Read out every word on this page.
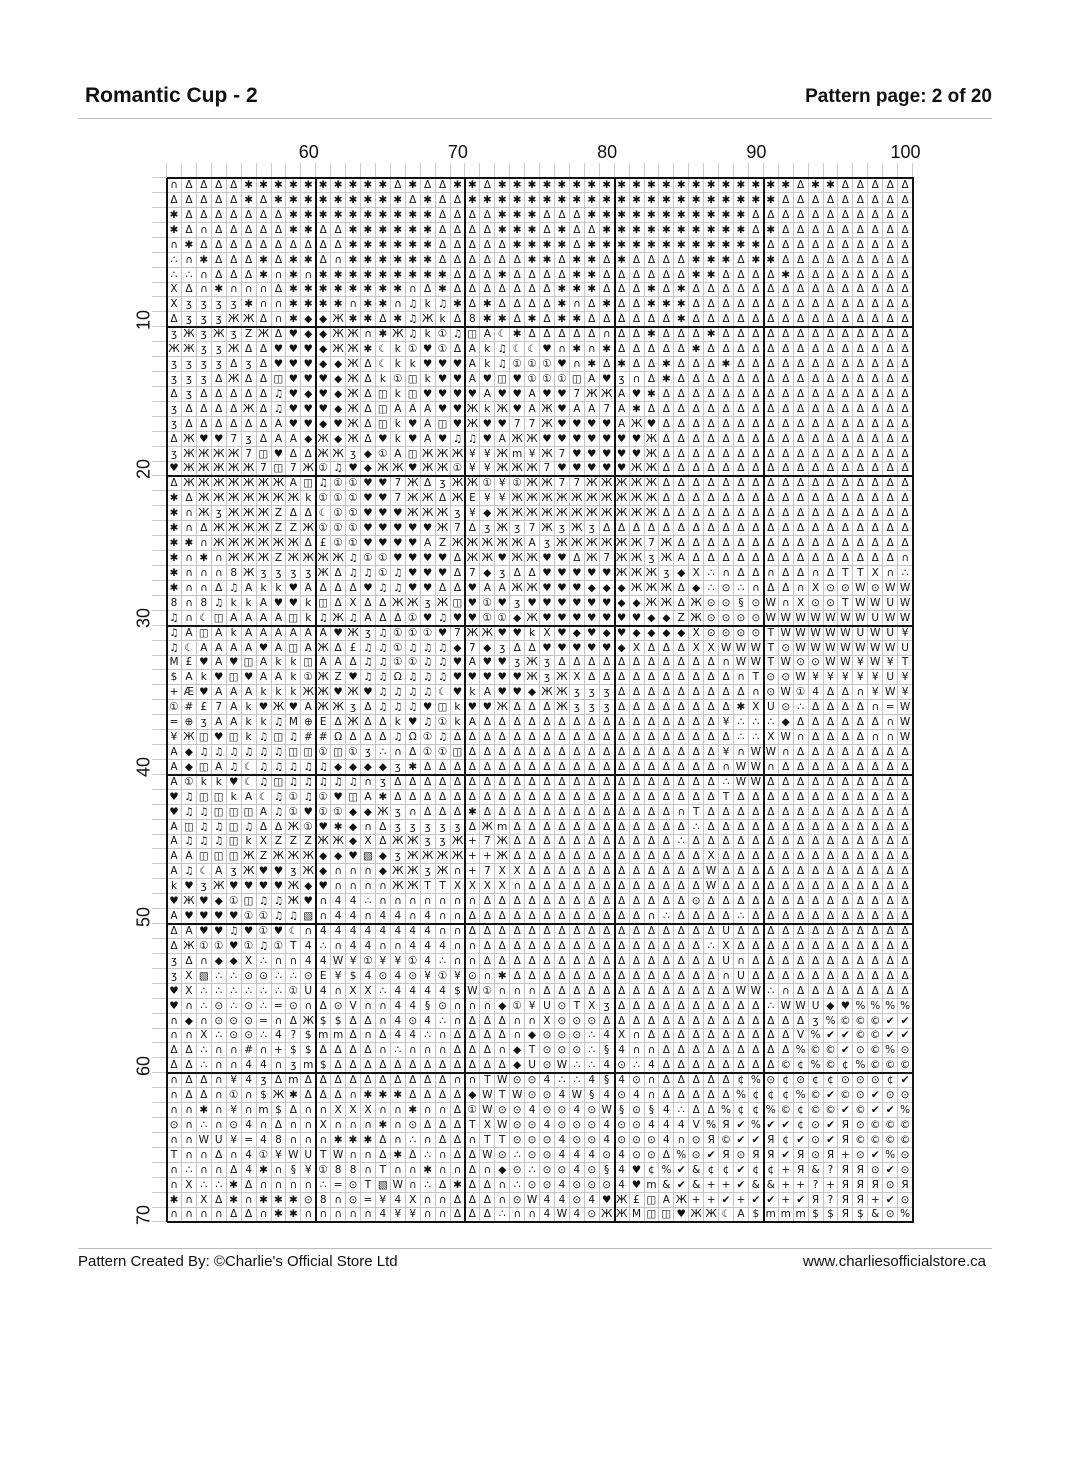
Romantic Cup - 2	Pattern page: 2 of 20
60	70	80	90	100
10
20
30
40
50
60
70
∩ Δ Δ Δ Δ ✱ ✱ ✱ ✱ ✱ ✱ ✱ ✱ ✱ ✱ Δ ✱ Δ Δ ✱ ✱ Δ ✱ ✱ ✱ ✱ ✱ ✱ ✱ ✱ ✱ ✱ ✱ ✱ ✱ ✱ ✱ ✱ ✱ ✱ ✱ ✱ Δ ✱ ✱ Δ Δ Δ Δ Δ
Δ Δ Δ Δ Δ ✱ Δ ✱ ✱ ✱ ✱ ✱ ✱ ✱ ✱ ✱ Δ ✱ Δ Δ ✱ ✱ ✱ ✱ ✱ ✱ ✱ ✱ ✱ ✱ ✱ ✱ ✱ ✱ ✱ ✱ ✱ ✱ ✱ ✱ ✱ Δ Δ Δ Δ Δ Δ Δ Δ Δ
✱ Δ Δ Δ Δ Δ Δ Δ ✱ ✱ ✱ ✱ ✱ ✱ ✱ ✱ ✱ ✱ Δ Δ Δ Δ ✱ ✱ ✱ Δ Δ Δ ✱ ✱ ✱ ✱ ✱ ✱ ✱ ✱ ✱ ✱ ✱ Δ Δ Δ Δ Δ Δ Δ Δ Δ Δ Δ
✱ Δ ∩ Δ Δ Δ Δ Δ ✱ ✱ Δ Δ ✱ ✱ ✱ ✱ ✱ ✱ Δ Δ Δ Δ ✱ ✱ ✱ Δ ✱ Δ Δ ✱ ✱ ✱ ✱ ✱ ✱ ✱ ✱ ✱ ✱ Δ ✱ Δ Δ Δ Δ Δ Δ Δ Δ Δ
∩ ✱ Δ Δ Δ Δ Δ Δ Δ Δ Δ Δ ✱ ✱ ✱ ✱ ✱ ✱ Δ Δ Δ Δ Δ ✱ ✱ ✱ ✱ Δ ✱ ✱ ✱ ✱ ✱ ✱ ✱ ✱ ✱ ✱ ✱ ✱ Δ Δ Δ Δ Δ Δ Δ Δ Δ Δ
∴ ∩ ✱ Δ Δ Δ ✱ Δ ✱ ✱ Δ ∩ ✱ ✱ ✱ ✱ ✱ ✱ Δ Δ Δ Δ Δ Δ ✱ ✱ Δ ✱ ✱ Δ ✱ Δ Δ Δ Δ ✱ ✱ ✱ Δ ✱ ✱ Δ Δ Δ Δ Δ Δ Δ Δ Δ
∴ ∴ ∩ Δ Δ Δ ✱ ∩ ✱ ∩ ✱ ✱ ✱ ✱ ✱ ✱ ✱ ✱ ✱ Δ Δ Δ ✱ Δ Δ Δ Δ ✱ ✱ Δ Δ Δ Δ Δ Δ ✱ ✱ Δ Δ Δ Δ ✱ Δ Δ Δ Δ Δ Δ Δ Δ
X Δ ∩ ✱ ∩ ∩ ∩ Δ ✱ ✱ ✱ ✱ ✱ ✱ ✱ ✱ ∩ Δ ✱ Δ Δ Δ Δ Δ Δ Δ ✱ ✱ ✱ Δ Δ Δ ✱ Δ ✱ Δ Δ Δ Δ Δ Δ Δ Δ Δ Δ Δ Δ Δ Δ Δ
X ʒ ʒ ʒ ʒ ✱ ∩ ∩ ✱ ✱ ✱ ✱ ∩ ✱ ✱ ∩ ♫ k ♫ ✱ Δ ✱ Δ Δ Δ Δ ✱ ∩ Δ ✱ Δ Δ ✱ ✱ ✱ Δ Δ Δ Δ Δ Δ Δ Δ Δ Δ Δ Δ Δ Δ Δ
Δ ʒ ʒ ʒ Ж Ж Δ ∩ ✱ ◆ ◆ Ж ✱ ✱ Δ ✱ ♫ Ж k Δ 8 ✱ ✱ Δ ✱ Δ ✱ ✱ Δ Δ Δ Δ Δ Δ ✱ Δ Δ Δ Δ Δ Δ Δ Δ Δ Δ Δ Δ Δ Δ Δ
ʒ Ж ʒ Ж ʒ Z Ж Δ ♥ ◆ ◆ Ж Ж ∩ ✱ Ж ♫ k ① ♫ ◫ A ☾ ✱ Δ Δ Δ Δ Δ ∩ Δ Δ ✱ Δ Δ Δ ✱ Δ Δ Δ Δ Δ Δ Δ Δ Δ Δ Δ Δ Δ
Ж Ж ʒ ʒ Ж Δ Δ ♥ ♥ ♥ ◆ Ж Ж ✱ ☾ k ① ♥ ① Δ A k ♫ ☾ ☾ ♥ ∩ ✱ ∩ ✱ Δ Δ Δ Δ Δ ✱ Δ Δ Δ Δ Δ Δ Δ Δ Δ Δ Δ Δ Δ Δ
ʒ ʒ ʒ ʒ Δ ʒ Δ ♥ ♥ ♥ ◆ ◆ Ж Δ ☾ k k ♥ ♥ ♥ A k ♫ ① ① ① ♥ ∩ ✱ Δ ✱ Δ Δ ✱ Δ Δ Δ ✱ Δ Δ Δ Δ Δ Δ Δ Δ Δ Δ Δ Δ
ʒ ʒ ʒ Δ Ж Δ Δ ◫ ♥ ♥ ♥ ◆ Ж Δ k ① ◫ k ♥ ♥ A ♥ ◫ ♥ ① ① ① ◫ A ♥ ʒ ∩ Δ ✱ Δ Δ Δ Δ Δ Δ Δ Δ Δ Δ Δ Δ Δ Δ Δ Δ
Δ ʒ Δ Δ Δ Δ Δ ♫ ♥ ◆ ♥ ◆ Ж Δ ◫ k ◫ ♥ ♥ ♥ ♥ A ♥ ♥ A ♥ ♥ 7 Ж Ж A ♥ ✱ Δ Δ Δ Δ Δ Δ Δ Δ Δ Δ Δ Δ Δ Δ Δ Δ Δ
ʒ Δ Δ Δ Δ Ж Δ ♫ ♥ ♥ ♥ ◆ Ж Δ ◫ A A A ♥ ♥ Ж k Ж ♥ A Ж ♥ A A 7 A ✱ Δ Δ Δ Δ Δ Δ Δ Δ Δ Δ Δ Δ Δ Δ Δ Δ Δ Δ
ʒ Δ Δ Δ Δ Δ Δ A ♥ ♥ ◆ ♥ Ж Δ ◫ k ♥ A ◫ ♥ Ж ♥ ♥ 7 7 Ж ♥ ♥ ♥ ♥ A Ж ♥ Δ Δ Δ Δ Δ Δ Δ Δ Δ Δ Δ Δ Δ Δ Δ Δ Δ
Δ Ж ♥ ♥ 7 ʒ Δ A A ◆ Ж ◆ Ж Δ ♥ k ♥ A ♥ ♫ ♫ ♥ A Ж Ж ♥ ♥ ♥ ♥ ♥ ♥ ♥ Ж Δ Δ Δ Δ Δ Δ Δ Δ Δ Δ Δ Δ Δ Δ Δ Δ Δ
ʒ Ж Ж Ж Ж 7 ◫ ♥ Δ Δ Ж Ж ʒ ◆ ① A ◫ Ж Ж Ж ¥ ¥ Ж m ¥ Ж 7 ♥ ♥ ♥ ♥ ♥ Ж Δ Δ Δ Δ Δ Δ Δ Δ Δ Δ Δ Δ Δ Δ Δ Δ Δ
♥ Ж Ж Ж Ж Ж 7 ◫ 7 Ж ① ♫ ♥ ◆ Ж Ж ♥ Ж Ж ① ¥ ¥ Ж Ж Ж 7 ♥ ♥ ♥ ♥ ♥ Ж Ж Δ Δ Δ Δ Δ Δ Δ Δ Δ Δ Δ Δ Δ Δ Δ Δ Δ
Δ Ж Ж Ж Ж Ж Ж Ж A ◫ ♫ ① ① ♥ ♥ 7 Ж Δ ʒ Ж Ж ① ¥ ① Ж Ж 7 7 Ж Ж Ж Ж Ж Δ Δ Δ Δ Δ Δ Δ Δ Δ Δ Δ Δ Δ Δ Δ Δ Δ
✱ Δ Ж Ж Ж Ж Ж Ж Ж k ① ① ① ♥ ♥ 7 Ж Ж Δ Ж E ¥ ¥ Ж Ж Ж Ж Ж Ж Ж Ж Ж Ж Δ Δ Δ Δ Δ Δ Δ Δ Δ Δ Δ Δ Δ Δ Δ Δ Δ
✱ ∩ Ж ʒ Ж Ж Ж Z Δ Δ ☾ ① ① ♥ ♥ ♥ Ж Ж Ж ʒ ¥ ◆ Ж Ж Ж Ж Ж Ж Ж Ж Ж Ж Ж Δ Δ Δ Δ Δ Δ Δ Δ Δ Δ Δ Δ Δ Δ Δ Δ Δ
✱ ∩ Δ Ж Ж Ж Ж Z Z Ж ① ① ① ♥ ♥ ♥ ♥ ♥ Ж 7 Δ ʒ Ж ʒ 7 Ж ʒ Ж ʒ Δ Δ Δ Δ Δ Δ Δ Δ Δ Δ Δ Δ Δ Δ Δ Δ Δ Δ Δ Δ Δ
✱ ✱ ∩ Ж Ж Ж Ж Ж Ж Δ £ ① ① ♥ ♥ ♥ ♥ A Z Ж Ж Ж Ж Ж A ʒ Ж Ж Ж Ж Ж Ж 7 Ж Δ Δ Δ Δ Δ Δ Δ Δ Δ Δ Δ Δ Δ Δ Δ Δ
✱ ∩ ✱ ∩ Ж Ж Ж Z Ж Ж Ж Ж ♫ ① ① ♥ ♥ ♥ ♥ Δ Ж Ж ♥ Ж Ж ♥ ♥ Δ Ж 7 Ж Ж ʒ Ж A Δ Δ Δ Δ Δ Δ Δ Δ Δ Δ Δ Δ Δ Δ ∩
✱ ∩ ∩ ∩ 8 Ж ʒ ʒ ʒ ʒ Ж Δ ♫ ♫ ① ♫ ♥ ♥ ♥ Δ 7 ◆ ʒ Δ Δ ♥ ♥ ♥ ♥ ♥ Ж Ж Ж ʒ ◆ X ∴ ∩ Δ Δ ∩ Δ Δ ∩ Δ T T X ∩ ∴
✱ ∩ ∩ Δ ♫ A k k ♥ A Δ Δ Δ ♥ ♫ ♫ ♥ ♥ Δ Δ ♥ A A Ж Ж ♥ ♥ ♥ ◆ ◆ ◆ Ж Ж Ж Δ ◆ ∴ ⊙ ∴ ∩ Δ Δ ∩ X ⊙ ⊙ W ⊙ W W
8 ∩ 8 ♫ k k A ♥ ♥ k ◫ Δ X Δ Δ Ж Ж ʒ Ж ◫ ♥ ① ♥ ʒ ♥ ♥ ♥ ♥ ♥ ♥ ◆ ◆ Ж Ж Δ Ж ⊙ ⊙ § ⊙ W ∩ X ⊙ ⊙ T W W U W
♫ ∩ ☾ ◫ A A A A ◫ k ♫ Ж ♫ A Δ Δ ① ♥ ♫ ♥ ♥ ① ① ◆ Ж ♥ ♥ ♥ ♥ ♥ ♥ ♥ ◆ ◆ Z Ж ⊙ ⊙ ⊙ ⊙ W W W W W W W U W W
♫ A ◫ A k A A A A A A ♥ Ж ʒ ♫ ① ① ① ♥ 7 Ж Ж ♥ ♥ k X ♥ ◆ ♥ ◆ ♥ ◆ ◆ ◆ ◆ X ⊙ ⊙ ⊙ ⊙ T W W W W W U W U ¥
♫ ☾ A A A A ♥ A ◫ A Ж Δ £ ♫ ♫ ① ♫ ♫ ♫ ◆ 7 ◆ ʒ Δ Δ ♥ ♥ ♥ ♥ ♥ ◆ X Δ Δ Δ X X W W W T ⊙ W W W W W W W U
M £ ♥ A ♥ ◫ A k k ◫ A A Δ ♫ ♫ ① ① ♫ ♫ ♥ A ♥ ♥ ʒ Ж ʒ Δ Δ Δ Δ Δ Δ Δ Δ Δ Δ Δ ∩ W W T W ⊙ ⊙ W W ¥ W ¥ T
$ A k ♥ ◫ ♥ A A k ① Ж Z ♥ ♫ ♫ Ω ♫ ♫ ♫ ♥ ♥ ♥ ♥ ♥ Ж ʒ Ж X Δ Δ Δ Δ Δ Δ Δ Δ Δ Δ ∩ T ⊙ ⊙ W ¥ ¥ ¥ ¥ ¥ U ¥
+ Æ ♥ A A A k k k Ж Ж ♥ Ж ♥ ♫ ♫ ♫ ♫ ☾ ♥ k A ♥ ♥ ◆ Ж Ж ʒ ʒ ʒ Δ Δ Δ Δ Δ Δ Δ Δ Δ ∩ ⊙ W ① 4 Δ Δ ∩ ¥ W ¥
① # £ 7 A k ♥ Ж ♥ A Ж Ж ʒ Δ ♫ ♫ ♫ ♥ ◫ k ♥ ♥ Ж Δ Δ Δ Ж ʒ ʒ ʒ Δ Δ Δ Δ Δ Δ Δ Δ ✱ X U ⊙ ∴ Δ Δ Δ Δ ∩ = W
= ⊕ ʒ A A k k ♫ M ⊕ E Δ Ж Δ Δ k ♥ ♫ ① k A Δ Δ Δ Δ Δ Δ Δ Δ Δ Δ Δ Δ Δ Δ Δ Δ ¥ ∴ ∴ ∴ ◆ Δ Δ Δ Δ Δ Δ ∩ W
¥ Ж ◫ ♥ ◫ k ♫ ◫ ♫ # # Ω Δ Δ Δ ♫ Ω ① ♫ Δ Δ Δ Δ Δ Δ Δ Δ Δ Δ Δ Δ Δ Δ Δ Δ Δ Δ Δ ∴ ∴ X W ∩ Δ Δ Δ Δ ∩ ∩ W
A ◆ ♫ ♫ ♫ ♫ ♫ ♫ ◫ ◫ ① ◫ ① ʒ ∴ ∩ Δ ① ① ◫ Δ Δ Δ Δ Δ Δ Δ Δ Δ Δ Δ Δ Δ Δ Δ Δ Δ ¥ ∩ W W ∩ Δ Δ Δ Δ Δ Δ Δ Δ
A ◆ ◫ A ♫ ☾ ♫ ♫ ♫ ♫ ♫ ◆ ◆ ◆ ◆ ʒ ✱ Δ Δ Δ Δ Δ Δ Δ Δ Δ Δ Δ Δ Δ Δ Δ Δ Δ Δ Δ Δ ∩ W W ∩ Δ Δ Δ Δ Δ Δ Δ Δ Δ
A ① k k ♥ ☾ ♫ ◫ ♫ ♫ ♫ ♫ ♫ ∩ ʒ Δ Δ Δ Δ Δ Δ Δ Δ Δ Δ Δ Δ Δ Δ Δ Δ Δ Δ Δ Δ Δ Δ ∴ W W Δ Δ Δ Δ Δ Δ Δ Δ Δ Δ
♥ ♫ ◫ ◫ k A ☾ ♫ ① ♫ ① ♥ ◫ A ✱ Δ Δ Δ Δ Δ Δ Δ Δ Δ Δ Δ Δ Δ Δ Δ Δ Δ Δ Δ Δ Δ Δ T Δ Δ Δ Δ Δ Δ Δ Δ Δ Δ Δ Δ
♥ ♫ ♫ ◫ ◫ ◫ A ♫ ① ♥ ① ① ◆ ◆ Ж ʒ ∩ Δ Δ Δ ✱ Δ Δ Δ Δ Δ Δ Δ Δ Δ Δ Δ Δ Δ ∩ T Δ Δ Δ Δ Δ Δ Δ Δ Δ Δ Δ Δ Δ Δ
A ◫ ♫ ♫ ◫ ♫ Δ Δ Ж ① ♥ ✱ ◆ ∩ Δ ʒ ʒ ʒ ʒ ʒ Δ Ж m Δ Δ Δ Δ Δ Δ Δ Δ Δ Δ Δ Δ ∴ Δ Δ Δ Δ Δ Δ Δ Δ Δ Δ Δ Δ Δ Δ
A ♫ ♫ ♫ ◫ k X Z Z Z Ж Ж ◆ X Δ Ж Ж ʒ ʒ Ж + 7 Ж Δ Δ Δ Δ Δ Δ Δ Δ Δ Δ Δ ∴ Δ Δ Δ Δ Δ Δ Δ Δ Δ Δ Δ Δ Δ Δ Δ
A A ◫ ◫ ◫ Ж Z Ж Ж Ж ◆ ◆ ♥ ▧ ◆ ʒ Ж Ж Ж Ж + + Ж Δ Δ Δ Δ Δ Δ Δ Δ Δ Δ Δ Δ Δ X Δ Δ Δ Δ Δ Δ Δ Δ Δ Δ Δ Δ Δ
A ♫ ☾ A ʒ Ж ♥ ♥ ʒ Ж ◆ ∩ ∩ ∩ ◆ Ж Ж ʒ Ж ∩ + 7 X X Δ Δ Δ Δ Δ Δ Δ Δ Δ Δ Δ Δ W Δ Δ Δ Δ Δ Δ Δ Δ Δ Δ Δ Δ Δ
k ♥ ʒ Ж ♥ ♥ ♥ ♥ Ж ◆ ♥ ∩ ∩ ∩ ∩ Ж Ж T T X X X X ∩ Δ Δ Δ Δ Δ Δ Δ Δ Δ Δ Δ Δ W Δ Δ Δ Δ Δ Δ Δ Δ Δ Δ Δ Δ Δ
♥ Ж ♥ ◆ ① ◫ ♫ ♫ Ж ♥ ∩ 4 4 ∴ ∩ ∩ ∩ ∩ ∩ ∩ ∩ Δ Δ Δ Δ Δ Δ Δ Δ Δ Δ Δ Δ Δ Δ ⊙ Δ Δ Δ Δ Δ Δ Δ Δ Δ Δ Δ Δ Δ Δ
A ♥ ♥ ♥ ♥ ① ① ♫ ♫ ▧ ∩ 4 4 ∩ 4 4 ∩ 4 ∩ ∩ Δ Δ Δ Δ Δ Δ Δ Δ Δ Δ Δ Δ ∩ ∴ Δ Δ Δ Δ ∴ Δ Δ Δ Δ Δ Δ Δ Δ Δ Δ Δ
Δ A ♥ ♥ ♫ ♥ ① ♥ ☾ ∩ 4 4 4 4 4 4 4 4 ∩ ∩ Δ Δ Δ Δ Δ Δ Δ Δ Δ Δ Δ Δ Δ Δ Δ Δ Δ U Δ Δ Δ Δ Δ Δ Δ Δ Δ Δ Δ Δ
Δ Ж ① ① ♥ ① ♫ ① T 4 ∴ ∩ 4 4 ∩ ∩ 4 4 4 ∩ ∩ Δ Δ Δ Δ Δ Δ Δ Δ Δ Δ Δ Δ Δ Δ Δ ∴ X Δ Δ Δ Δ Δ Δ Δ Δ Δ Δ Δ Δ
ʒ Δ ∩ ◆ ◆ X ∴ ∩ ∩ 4 4 W ¥ ① ¥ ¥ ① 4 ∴ ∩ ∩ Δ Δ Δ Δ Δ Δ Δ Δ Δ Δ Δ Δ Δ Δ Δ Δ U ∩ Δ Δ Δ Δ Δ Δ Δ Δ Δ Δ Δ
ʒ X ▧ ∴ ∴ ⊙ ⊙ ∴ ∴ ⊙ E ¥ $ 4 ⊙ 4 ⊙ ¥ ① ¥ ⊙ ∩ ✱ Δ Δ Δ Δ Δ Δ Δ Δ Δ Δ Δ Δ Δ Δ ∩ U Δ Δ Δ Δ Δ Δ Δ Δ Δ Δ Δ
♥ X ∴ ∴ ∴ ∴ ∴ ∴ ① U 4 ∩ X X ∴ 4 4 4 4 $ W ① ∩ ∩ ∩ Δ Δ Δ Δ Δ Δ Δ Δ Δ Δ Δ Δ Δ W W ∴ ∩ Δ Δ Δ Δ Δ Δ Δ Δ
♥ ∩ ∴ ⊙ ∴ ⊙ ∴ = ⊙ ∩ Δ ⊙ V ∩ ∩ 4 4 § ⊙ ∩ ∩ ∩ ◆ ① ¥ U ⊙ T X ʒ Δ Δ Δ Δ Δ Δ Δ Δ Δ Δ ∴ W W U ◆ ♥ % % % %
∩ ◆ ∩ ⊙ ⊙ ⊙ = ∩ Δ Ж $ $ Δ Δ ∩ 4 ⊙ 4 ∴ ∩ Δ Δ Δ ∩ ∩ X ⊙ ⊙ ⊙ Δ Δ Δ Δ Δ Δ Δ Δ Δ Δ Δ Δ Δ Δ ʒ % © © © ✔ ✔
∩ ∩ X ∴ ⊙ ⊙ ∴ 4 ? $ m m Δ ∩ Δ 4 4 ∴ ∩ Δ Δ Δ Δ ∩ ◆ ⊙ ⊙ ⊙ ∴ 4 X ∩ Δ Δ Δ Δ Δ Δ Δ Δ Δ Δ V % ✔ ✔ © © ✔ ✔
Δ Δ ∴ ∩ ∩ # ∩ + $ $ Δ Δ Δ Δ ∩ ∴ ∩ ∩ ∩ Δ Δ Δ ∩ ◆ T ⊙ ⊙ ⊙ ∴ § 4 ∩ ∩ Δ Δ Δ Δ Δ Δ Δ Δ Δ % © © ✔ ⊙ © % ⊙
Δ Δ ∴ ∩ ∩ 4 4 ∩ ʒ m $ Δ Δ Δ Δ Δ Δ Δ Δ Δ Δ Δ Δ ◆ U ⊙ W ∴ ∴ 4 ⊙ ∴ 4 Δ Δ Δ Δ Δ Δ Δ Δ © ¢ % © ¢ % © © ©
∩ Δ Δ ∩ ¥ 4 ʒ Δ m Δ Δ Δ Δ Δ Δ Δ Δ Δ Δ ∩ ∩ T W ⊙ ⊙ 4 ∴ ∴ 4 § 4 ⊙ ∩ Δ Δ Δ Δ Δ ¢ % ⊙ ¢ ⊙ ¢ ¢ ⊙ ⊙ ⊙ ¢ ✔
∩ Δ Δ ∩ ① ∩ $ Ж ✱ Δ Δ Δ ∩ ✱ ✱ ✱ Δ Δ Δ Δ ◆ W T W ⊙ ⊙ 4 W § 4 ⊙ 4 ∩ Δ Δ Δ Δ Δ % ¢ ¢ ¢ % © ✔ © ⊙ ✔ ⊙ ⊙
∩ ∩ ✱ ∩ ¥ ∩ m $ Δ ∩ ∩ X X X ∩ ∩ ✱ ∩ ∩ Δ ① W ⊙ ⊙ 4 ⊙ ⊙ 4 ⊙ W § ⊙ § 4 ∴ Δ Δ % ¢ ¢ % © ¢ © © ✔ © ✔ ✔ %
⊙ ∩ ∴ ∩ ⊙ 4 ∩ Δ ∩ ∩ X ∩ ∩ ∩ ✱ ∩ ⊙ Δ Δ Δ T X W ⊙ ⊙ 4 ⊙ ⊙ ⊙ 4 ⊙ ⊙ 4 4 4 V % Я ✔ % ✔ ✔ ¢ ⊙ ✔ Я ⊙ © © ©
∩ ∩ W U ¥ = 4 8 ∩ ∩ ∩ ✱ ✱ ✱ Δ ∩ ∴ ∩ Δ Δ ∩ T T ⊙ ⊙ ⊙ 4 ⊙ ⊙ 4 ⊙ ⊙ ⊙ 4 ∩ ⊙ Я © ✔ ✔ Я ¢ ✔ ⊙ ✔ Я © © © ©
T ∩ ∩ Δ ∩ 4 ① ¥ W U T W ∩ ∩ Δ ✱ Δ ∴ ∩ Δ Δ W ⊙ ∴ ⊙ ⊙ 4 4 4 ⊙ 4 ⊙ ⊙ Δ % ⊙ ✔ Я ⊙ Я Я ✔ Я ⊙ Я + ⊙ ✔ % ⊙
∩ ∴ ∩ ∩ Δ 4 ✱ ∩ § ¥ ① 8 8 ∩ T ∩ ∩ ✱ ∩ ∩ Δ ∩ ◆ ⊙ ∴ ⊙ ⊙ 4 ⊙ § 4 ♥ ¢ % ✔ & ¢ ¢ ✔ ¢ ¢ + Я & ? Я Я ⊙ ✔ ⊙
∩ X ∴ ∴ ✱ Δ ∩ ∩ ∩ ∩ ∴ = ⊙ T ▧ W ∩ ∴ Δ ✱ Δ Δ ∩ ∴ ⊙ ⊙ 4 ⊙ ⊙ ⊙ 4 ♥ m & ✔ & + + ✔ & & + + ? + Я Я Я ⊙ Я
✱ ∩ X Δ ✱ ∩ ✱ ✱ ✱ ⊙ 8 ∩ ⊙ = ¥ 4 X ∩ ∩ Δ Δ Δ ∩ ⊙ W 4 4 ⊙ 4 ♥ Ж £ ◫ A Ж + + ✔ + ✔ ✔ + ✔ Я ? Я Я + ✔ ⊙
∩ ∩ ∩ ∩ Δ Δ ∩ ✱ ✱ ∩ ∩ ∩ ∩ ∩ 4 ¥ ¥ ∩ ∩ Δ Δ Δ ∴ ∩ ∩ 4 W 4 ⊙ Ж Ж M ◫ ◫ ♥ Ж Ж ☾ A $ m m m $ $ Я $ & ⊙ %
Pattern Created By: ©Charlie's Official Store Ltd	www.charliesofficialstore.ca
